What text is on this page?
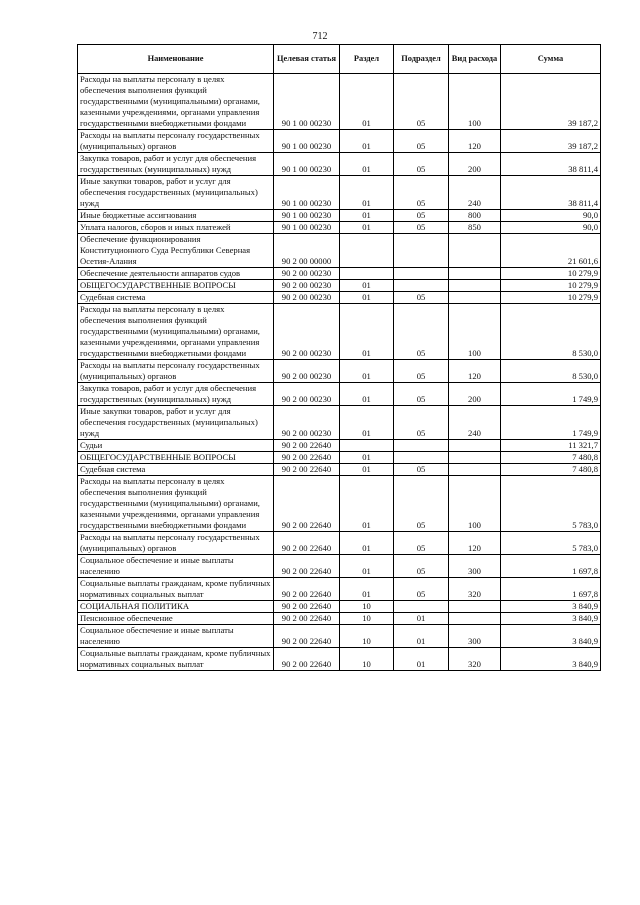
712
Наименование	Целевая статья	Раздел	Подраздел	Вид расхода	Сумма
Расходы на выплаты персоналу в целях обеспечения выполнения функций государственными (муниципальными) органами, казенными учреждениями, органами управления государственными внебюджетными фондами	90 1 00 00230	01	05	100	39 187,2
Расходы на выплаты персоналу государственных (муниципальных) органов	90 1 00 00230	01	05	120	39 187,2
Закупка товаров, работ и услуг для обеспечения государственных (муниципальных) нужд	90 1 00 00230	01	05	200	38 811,4
Иные закупки товаров, работ и услуг для обеспечения государственных (муниципальных) нужд	90 1 00 00230	01	05	240	38 811,4
Иные бюджетные ассигнования	90 1 00 00230	01	05	800	90,0
Уплата налогов, сборов и иных платежей	90 1 00 00230	01	05	850	90,0
Обеспечение функционирования Конституционного Суда Республики Северная Осетия-Алания	90 2 00 00000				21 601,6
Обеспечение деятельности аппаратов судов	90 2 00 00230				10 279,9
ОБЩЕГОСУДАРСТВЕННЫЕ ВОПРОСЫ	90 2 00 00230	01			10 279,9
Судебная система	90 2 00 00230	01	05		10 279,9
Расходы на выплаты персоналу в целях обеспечения выполнения функций государственными (муниципальными) органами, казенными учреждениями, органами управления государственными внебюджетными фондами	90 2 00 00230	01	05	100	8 530,0
Расходы на выплаты персоналу государственных (муниципальных) органов	90 2 00 00230	01	05	120	8 530,0
Закупка товаров, работ и услуг для обеспечения государственных (муниципальных) нужд	90 2 00 00230	01	05	200	1 749,9
Иные закупки товаров, работ и услуг для обеспечения государственных (муниципальных) нужд	90 2 00 00230	01	05	240	1 749,9
Судьи	90 2 00 22640				11 321,7
ОБЩЕГОСУДАРСТВЕННЫЕ ВОПРОСЫ	90 2 00 22640	01			7 480,8
Судебная система	90 2 00 22640	01	05		7 480,8
Расходы на выплаты персоналу в целях обеспечения выполнения функций государственными (муниципальными) органами, казенными учреждениями, органами управления государственными внебюджетными фондами	90 2 00 22640	01	05	100	5 783,0
Расходы на выплаты персоналу государственных (муниципальных) органов	90 2 00 22640	01	05	120	5 783,0
Социальное обеспечение и иные выплаты населению	90 2 00 22640	01	05	300	1 697,8
Социальные выплаты гражданам, кроме публичных нормативных социальных выплат	90 2 00 22640	01	05	320	1 697,8
СОЦИАЛЬНАЯ ПОЛИТИКА	90 2 00 22640	10			3 840,9
Пенсионное обеспечение	90 2 00 22640	10	01		3 840,9
Социальное обеспечение и иные выплаты населению	90 2 00 22640	10	01	300	3 840,9
Социальные выплаты гражданам, кроме публичных нормативных социальных выплат	90 2 00 22640	10	01	320	3 840,9
